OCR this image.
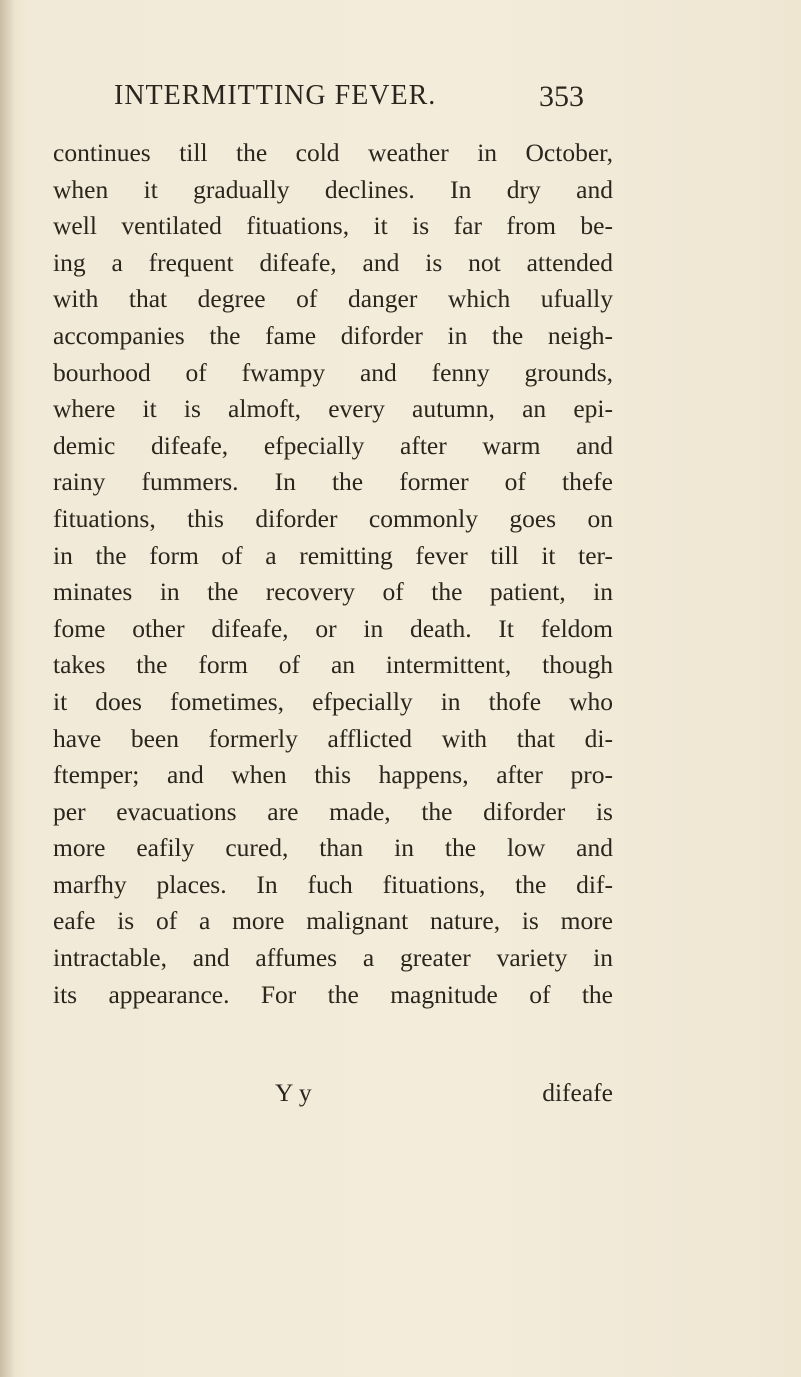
INTERMITTING FEVER.	353
continues till the cold weather in October,
when it gradually declines. In dry and
well ventilated fituations, it is far from be-
ing a frequent difeafe, and is not attended
with that degree of danger which ufually
accompanies the fame diforder in the neigh-
bourhood of fwampy and fenny grounds,
where it is almoft, every autumn, an epi-
demic difeafe, efpecially after warm and
rainy fummers. In the former of thefe
fituations, this diforder commonly goes on
in the form of a remitting fever till it ter-
minates in the recovery of the patient, in
fome other difeafe, or in death. It feldom
takes the form of an intermittent, though
it does fometimes, efpecially in thofe who
have been formerly afflicted with that di-
ftemper; and when this happens, after pro-
per evacuations are made, the diforder is
more eafily cured, than in the low and
marfhy places. In fuch fituations, the dif-
eafe is of a more malignant nature, is more
intractable, and affumes a greater variety in
its appearance. For the magnitude of the
Y y	difeafe
